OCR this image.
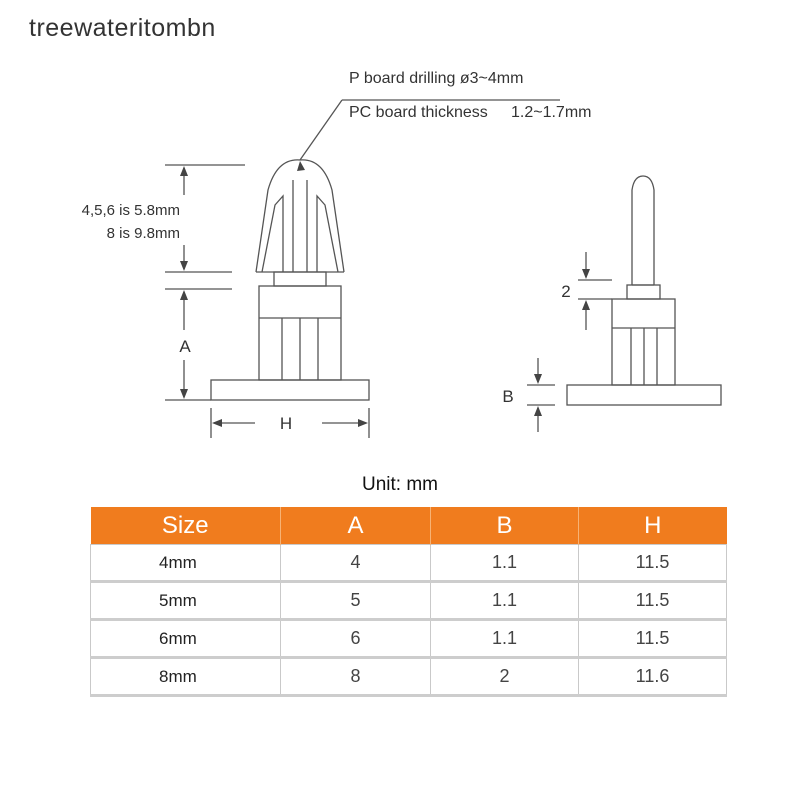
treewateritombn
P board drilling ø3~4mm
PC board thickness 1.2~1.7mm
4,5,6 is 5.8mm
8 is 9.8mm
A
H
2
B
Unit: mm
Size	A	B	H
4mm	4	1.1	11.5
5mm	5	1.1	11.5
6mm	6	1.1	11.5
8mm	8	2	11.6
